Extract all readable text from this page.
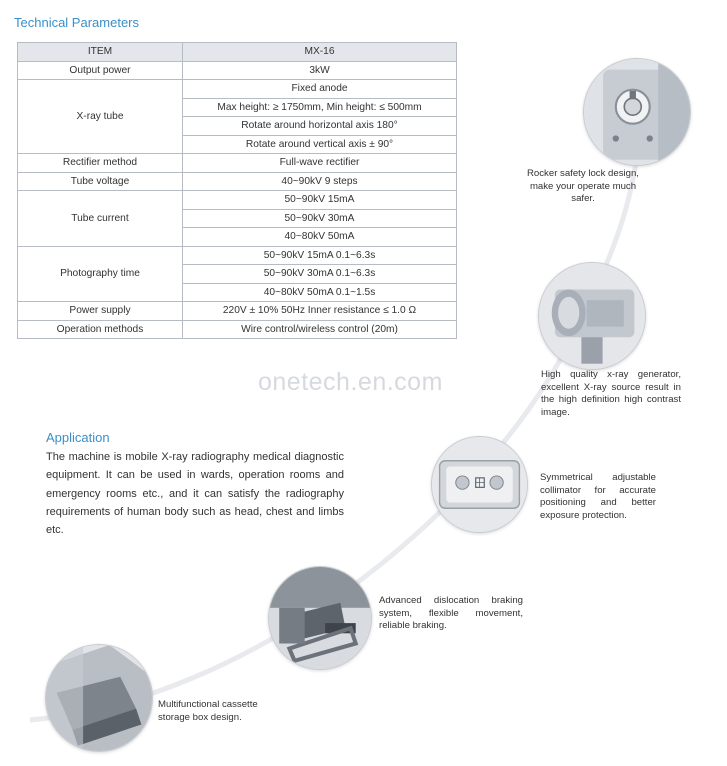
Technical Parameters
ITEM	MX-16
Output power	3kW
X-ray tube	Fixed anode
	Max height: ≥ 1750mm, Min height: ≤ 500mm
	Rotate around horizontal axis 180°
	Rotate around vertical axis ± 90°
Rectifier method	Full-wave rectifier
Tube voltage	40~90kV 9 steps
Tube current	50~90kV 15mA
	50~90kV 30mA
	40~80kV 50mA
Photography time	50~90kV 15mA 0.1~6.3s
	50~90kV 30mA 0.1~6.3s
	40~80kV 50mA 0.1~1.5s
Power supply	220V ± 10% 50Hz Inner resistance ≤ 1.0 Ω
Operation methods	Wire control/wireless control (20m)
onetech.en.com
Application

The machine is mobile X-ray radiography medical diagnostic equipment. It can be used in wards, operation rooms and emergency rooms etc., and it can satisfy the radiography requirements of human body such as head, chest and limbs etc.

Rocker safety lock design, make your operate much safer.

High quality x-ray generator, excellent X-ray source result in the high definition high contrast image.

Symmetrical adjustable collimator for accurate positioning and better exposure protection.

Advanced dislocation braking system, flexible movement, reliable braking.

Multifunctional cassette storage box design.
